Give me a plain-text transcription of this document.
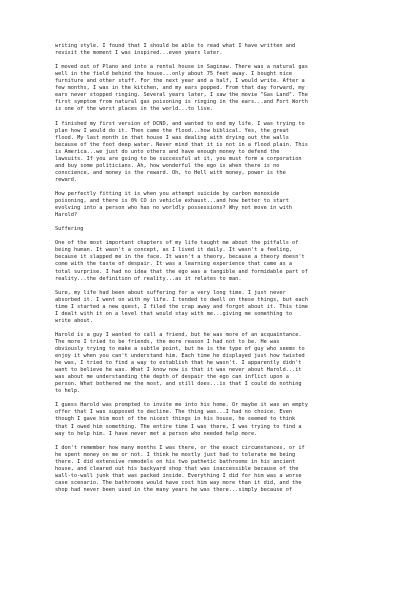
writing style. I found that I should be able to read what I have written and
revisit the moment I was inspired...even years later.

I moved out of Plano and into a rental house in Saginaw. There was a natural gas
well in the field behind the house...only about 75 feet away. I bought nice
furniture and other stuff. For the next year and a half, I would write. After a
few months, I was in the kitchen, and my ears popped. From that day forward, my
ears never stopped ringing. Several years later, I saw the movie "Gas Land". The
first symptom from natural gas poisoning is ringing in the ears...and Fort Worth
is one of the worst places in the world...to live.

I finished my first version of DCND, and wanted to end my life. I was trying to
plan how I would do it. Then came the flood...how biblical. Yes, the great
flood. My last month in that house I was dealing with drying out the walls
because of the foot deep water. Never mind that it is not in a flood plain. This
is America...we just do unto others and have enough money to defend the
lawsuits. If you are going to be successful at it, you must form a corporation
and buy some politicians. Ah, how wonderful the ego is when there is no
conscience, and money is the reward. Oh, to Hell with money, power is the
reward.

How perfectly fitting it is when you attempt suicide by carbon monoxide
poisoning, and there is 0% CO in vehicle exhaust...and how better to start
evolving into a person who has no worldly possessions? Why not move in with
Harold?

Suffering

One of the most important chapters of my life taught me about the pitfalls of
being human. It wasn't a concept, as I lived it daily. It wasn't a feeling,
because it slapped me in the face. It wasn't a theory, because a theory doesn't
come with the taste of despair. It was a learning experience that came as a
total surprise. I had no idea that the ego was a tangible and formidable part of
reality...the definition of reality...as it relates to man.

Sure, my life had been about suffering for a very long time. I just never
absorbed it. I went on with my life. I tended to dwell on these things, but each
time I started a new quest, I filed the crap away and forgot about it. This time
I dealt with it on a level that would stay with me...giving me something to
write about.

Harold is a guy I wanted to call a friend, but he was more of an acquaintance.
The more I tried to be friends, the more reason I had not to be. He was
obviously trying to make a subtle point, but he is the type of guy who seems to
enjoy it when you can't understand him. Each time he displayed just how twisted
he was, I tried to find a way to establish that he wasn't. I apparently didn't
want to believe he was. What I know now is that it was never about Harold...it
was about me understanding the depth of despair the ego can inflict upon a
person. What bothered me the most, and still does...is that I could do nothing
to help.

I guess Harold was prompted to invite me into his home. Or maybe it was an empty
offer that I was supposed to decline. The thing was...I had no choice. Even
though I gave him most of the nicest things in his house, he seemed to think
that I owed him something. The entire time I was there, I was trying to find a
way to help him. I have never met a person who needed help more.

I don't remember how many months I was there, or the exact circumstances, or if
he spent money on me or not. I think he mostly just had to tolerate me being
there. I did extensive remodels on his two pathetic bathrooms in his ancient
house, and cleared out his backyard shop that was inaccessible because of the
wall-to-wall junk that was packed inside. Everything I did for him was a worse
case scenario. The bathrooms would have cost him way more than it did, and the
shop had never been used in the many years he was there...simply because of
